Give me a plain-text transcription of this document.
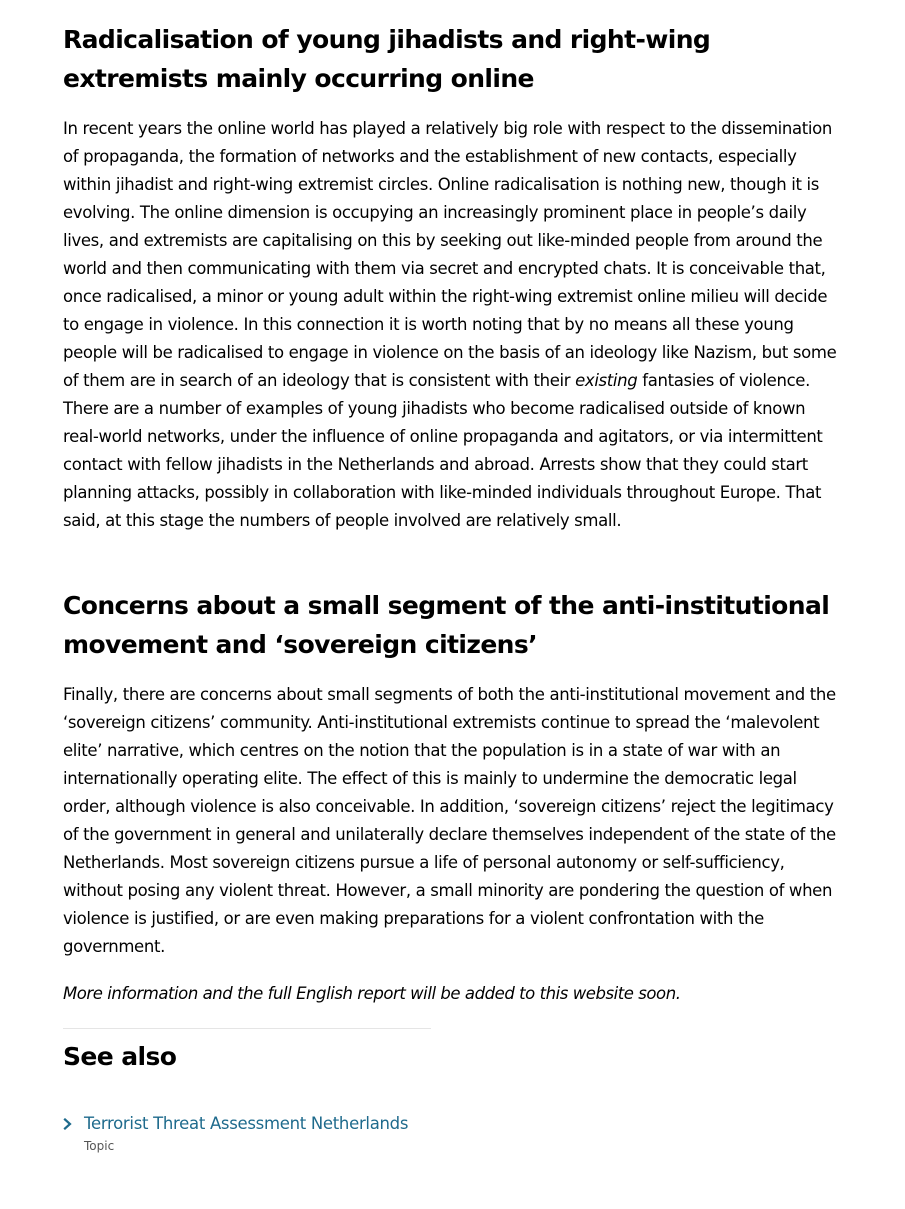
Radicalisation of young jihadists and right-wing extremists mainly occurring online

In recent years the online world has played a relatively big role with respect to the dissemination of propaganda, the formation of networks and the establishment of new contacts, especially within jihadist and right-wing extremist circles. Online radicalisation is nothing new, though it is evolving. The online dimension is occupying an increasingly prominent place in people’s daily lives, and extremists are capitalising on this by seeking out like-minded people from around the world and then communicating with them via secret and encrypted chats. It is conceivable that, once radicalised, a minor or young adult within the right-wing extremist online milieu will decide to engage in violence. In this connection it is worth noting that by no means all these young people will be radicalised to engage in violence on the basis of an ideology like Nazism, but some of them are in search of an ideology that is consistent with their existing fantasies of violence. There are a number of examples of young jihadists who become radicalised outside of known real-world networks, under the influence of online propaganda and agitators, or via intermittent contact with fellow jihadists in the Netherlands and abroad. Arrests show that they could start planning attacks, possibly in collaboration with like-minded individuals throughout Europe. That said, at this stage the numbers of people involved are relatively small.

Concerns about a small segment of the anti-institutional movement and ‘sovereign citizens’

Finally, there are concerns about small segments of both the anti-institutional movement and the ‘sovereign citizens’ community. Anti-institutional extremists continue to spread the ‘malevolent elite’ narrative, which centres on the notion that the population is in a state of war with an internationally operating elite. The effect of this is mainly to undermine the democratic legal order, although violence is also conceivable. In addition, ‘sovereign citizens’ reject the legitimacy of the government in general and unilaterally declare themselves independent of the state of the Netherlands. Most sovereign citizens pursue a life of personal autonomy or self-sufficiency, without posing any violent threat. However, a small minority are pondering the question of when violence is justified, or are even making preparations for a violent confrontation with the government.

More information and the full English report will be added to this website soon.

See also
Terrorist Threat Assessment Netherlands
Topic
